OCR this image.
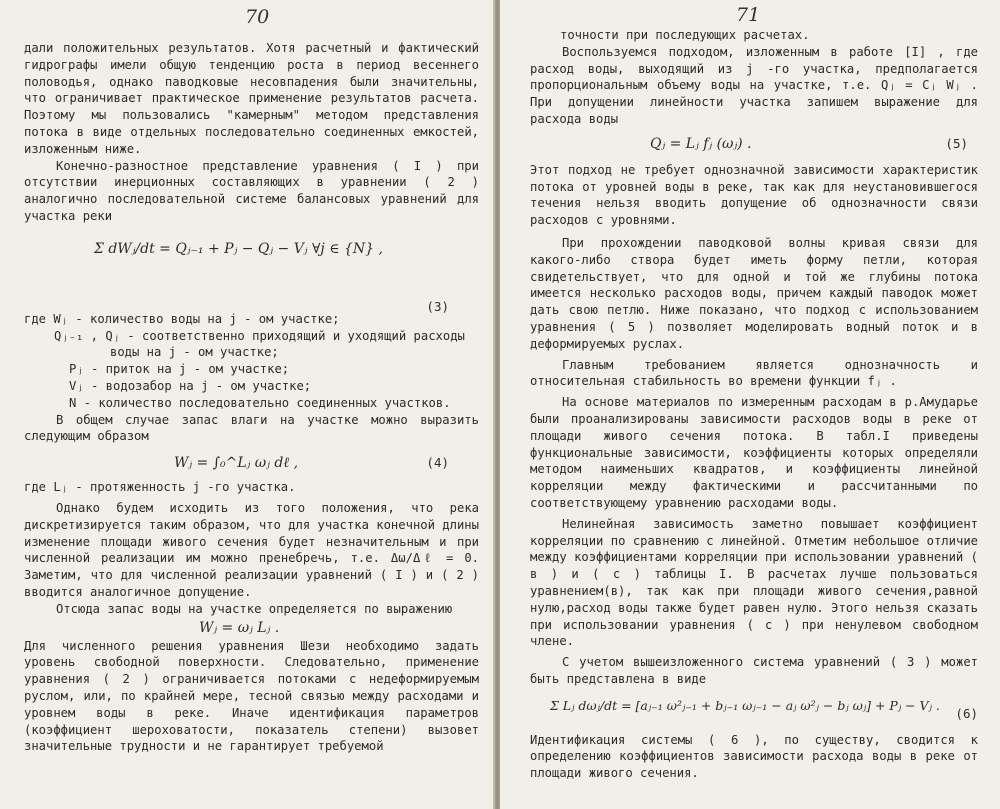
70

дали положительных результатов. Хотя расчетный и фактический гидрографы имели общую тенденцию роста в период весеннего половодья, однако паводковые несовпадения были значительны, что ограничивает практическое применение результатов расчета. Поэтому мы пользовались "камерным" методом представления потока в виде отдельных последовательно соединенных емкостей, изложенным ниже.

Конечно-разностное представление уравнения ( I ) при отсутствии инерционных составляющих в уравнении ( 2 ) аналогично последовательной системе балансовых уравнений для участка реки

Σ dWⱼ/dt = Qⱼ₋₁ + Pⱼ − Qⱼ − Vⱼ ∀j ∈ {N} ,
(3)
где Wⱼ - количество воды на j - ом участке;
Qⱼ₋₁ , Qⱼ - соответственно приходящий и уходящий расходы
воды на j - ом участке;
Pⱼ - приток на j - ом участке;
Vⱼ - водозабор на j - ом участке;
N - количество последовательно соединенных участков.

В общем случае запас влаги на участке можно выразить следующим образом

Wⱼ = ∫₀^Lⱼ ωⱼ dℓ ,	(4)
где Lⱼ - протяженность j -го участка.

Однако будем исходить из того положения, что река дискретизируется таким образом, что для участка конечной длины изменение площади живого сечения будет незначительным и при численной реализации им можно пренебречь, т.е. Δω/Δℓ = 0. Заметим, что для численной реализации уравнений ( I ) и ( 2 ) вводится аналогичное допущение.

Отсюда запас воды на участке определяется по выражению

Wⱼ = ωⱼ Lⱼ .

Для численного решения уравнения Шези необходимо задать уровень свободной поверхности. Следовательно, применение уравнения ( 2 ) ограничивается потоками с недеформируемым руслом, или, по крайней мере, тесной связью между расходами и уровнем воды в реке. Иначе идентификация параметров (коэффициент шероховатости, показатель степени) вызовет значительные трудности и не гарантирует требуемой

71

точности при последующих расчетах.

Воспользуемся подходом, изложенным в работе [I] , где расход воды, выходящий из j -го участка, предполагается пропорциональным объему воды на участке, т.е. Qⱼ = Cⱼ Wⱼ . При допущении линейности участка запишем выражение для расхода воды

Qⱼ = Lⱼ fⱼ (ωⱼ) .	(5)

Этот подход не требует однозначной зависимости характеристик потока от уровней воды в реке, так как для неустановившегося течения нельзя вводить допущение об однозначности связи расходов с уровнями.

При прохождении паводковой волны кривая связи для какого-либо створа будет иметь форму петли, которая свидетельствует, что для одной и той же глубины потока имеется несколько расходов воды, причем каждый паводок может дать свою петлю. Ниже показано, что подход с использованием уравнения ( 5 ) позволяет моделировать водный поток и в деформируемых руслах.

Главным требованием является однозначность и относительная стабильность во времени функции fⱼ .

На основе материалов по измеренным расходам в р.Амударье были проанализированы зависимости расходов воды в реке от площади живого сечения потока. В табл.I приведены функциональные зависимости, коэффициенты которых определяли методом наименьших квадратов, и коэффициенты линейной корреляции между фактическими и рассчитанными по соответствующему уравнению расходами воды.

Нелинейная зависимость заметно повышает коэффициент корреляции по сравнению с линейной. Отметим небольшое отличие между коэффициентами корреляции при использовании уравнений ( в ) и ( с ) таблицы I. В расчетах лучше пользоваться уравнением(в), так как при площади живого сечения,равной нулю,расход воды также будет равен нулю. Этого нельзя сказать при использовании уравнения ( с ) при ненулевом свободном члене.

С учетом вышеизложенного система уравнений ( 3 ) может быть представлена в виде

Σ Lⱼ dωⱼ/dt = [aⱼ₋₁ ω²ⱼ₋₁ + bⱼ₋₁ ωⱼ₋₁ − aⱼ ω²ⱼ − bⱼ ωⱼ] + Pⱼ − Vⱼ .
(6)

Идентификация системы ( 6 ), по существу, сводится к определению коэффициентов зависимости расхода воды в реке от площади живого сечения.
